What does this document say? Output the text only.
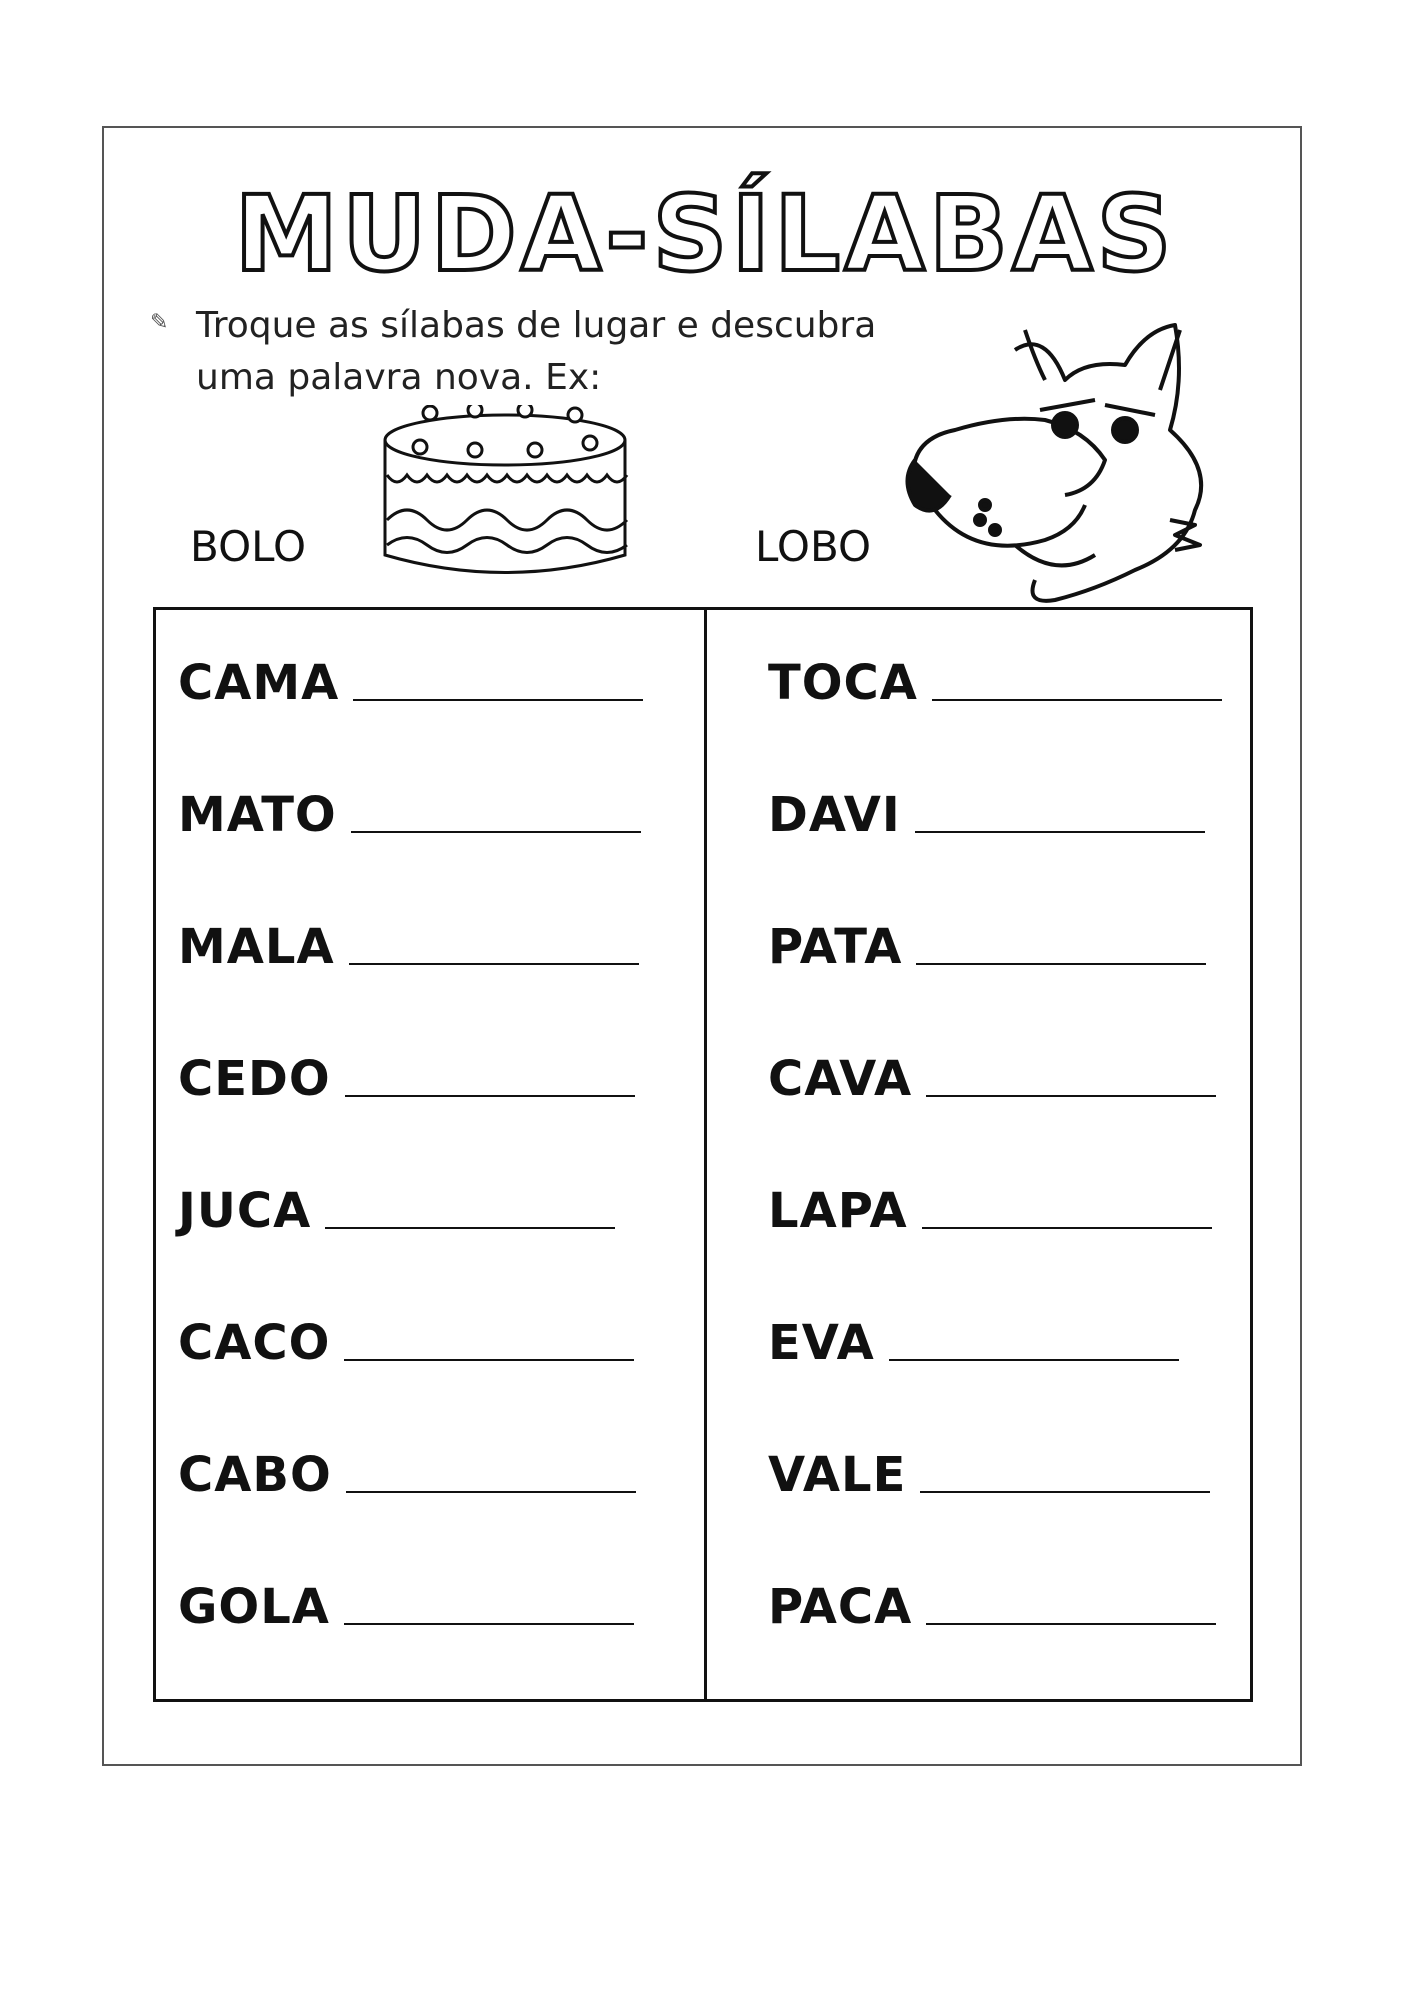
MUDA-SÍLABAS
✎ Troque as sílabas de lugar e descubra
uma palavra nova. Ex:
BOLO	LOBO
CAMA
MATO
MALA
CEDO
JUCA
CACO
CABO
GOLA
TOCA
DAVI
PATA
CAVA
LAPA
EVA
VALE
PACA
